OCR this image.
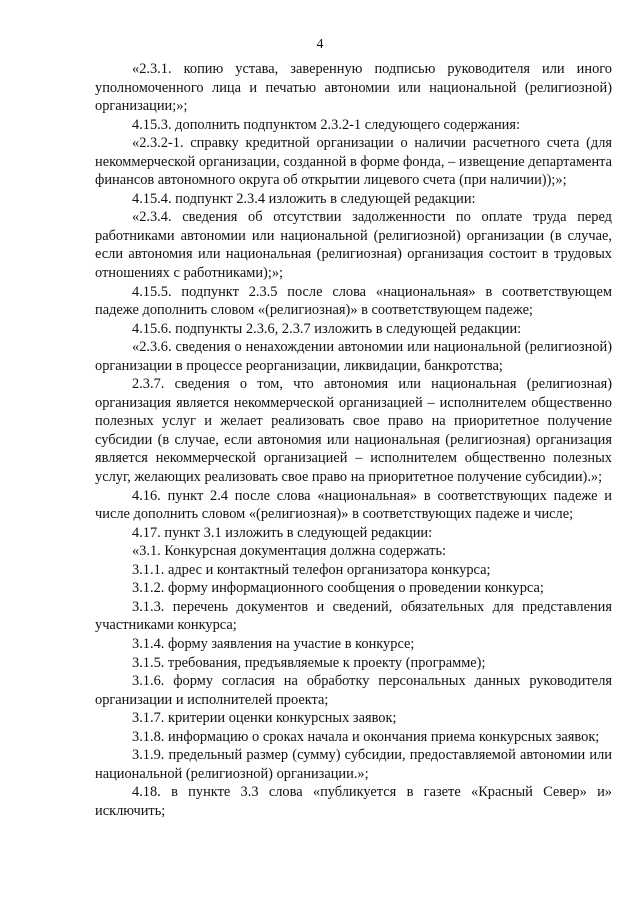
4

«2.3.1. копию устава, заверенную подписью руководителя или иного уполномоченного лица и печатью автономии или национальной (религиозной) организации;»;

4.15.3. дополнить подпунктом 2.3.2-1 следующего содержания:

«2.3.2-1. справку кредитной организации о наличии расчетного счета (для некоммерческой организации, созданной в форме фонда, – извещение департамента финансов автономного округа об открытии лицевого счета (при наличии));»;

4.15.4. подпункт 2.3.4 изложить в следующей редакции:

«2.3.4. сведения об отсутствии задолженности по оплате труда перед работниками автономии или национальной (религиозной) организации (в случае, если автономия или национальная (религиозная) организация состоит в трудовых отношениях с работниками);»;

4.15.5. подпункт 2.3.5 после слова «национальная» в соответствующем падеже дополнить словом «(религиозная)» в соответствующем падеже;

4.15.6. подпункты 2.3.6, 2.3.7 изложить в следующей редакции:

«2.3.6. сведения о ненахождении автономии или национальной (религиозной) организации в процессе реорганизации, ликвидации, банкротства;

2.3.7. сведения о том, что автономия или национальная (религиозная) организация является некоммерческой организацией – исполнителем общественно полезных услуг и желает реализовать свое право на приоритетное получение субсидии (в случае, если автономия или национальная (религиозная) организация является некоммерческой организацией – исполнителем общественно полезных услуг, желающих реализовать свое право на приоритетное получение субсидии).»;

4.16. пункт 2.4 после слова «национальная» в соответствующих падеже и числе дополнить словом «(религиозная)» в соответствующих падеже и числе;

4.17. пункт 3.1 изложить в следующей редакции:

«3.1. Конкурсная документация должна содержать:

3.1.1. адрес и контактный телефон организатора конкурса;

3.1.2. форму информационного сообщения о проведении конкурса;

3.1.3. перечень документов и сведений, обязательных для представления участниками конкурса;

3.1.4. форму заявления на участие в конкурсе;

3.1.5. требования, предъявляемые к проекту (программе);

3.1.6. форму согласия на обработку персональных данных руководителя организации и исполнителей проекта;

3.1.7. критерии оценки конкурсных заявок;

3.1.8. информацию о сроках начала и окончания приема конкурсных заявок;

3.1.9. предельный размер (сумму) субсидии, предоставляемой автономии или национальной (религиозной) организации.»;

4.18. в пункте 3.3 слова «публикуется в газете «Красный Север» и» исключить;
